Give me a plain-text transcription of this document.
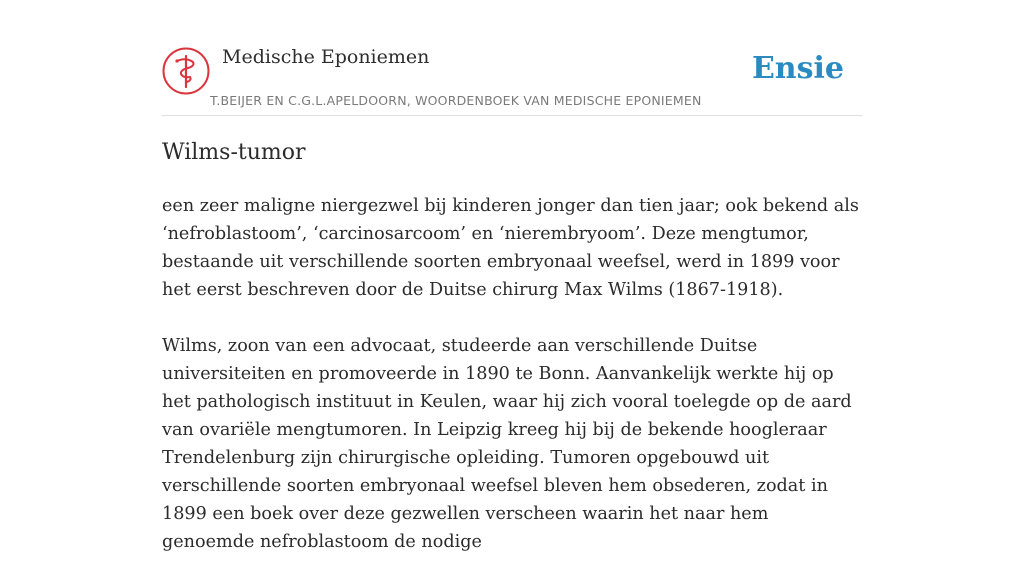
Medische Eponiemen
T.BEIJER EN C.G.L.APELDOORN, WOORDENBOEK VAN MEDISCHE EPONIEMEN
Ensie
Wilms-tumor

een zeer maligne niergezwel bij kinderen jonger dan tien jaar; ook bekend als ‘nefroblastoom’, ‘carcinosarcoom’ en ‘nierembryoom’. Deze mengtumor, bestaande uit verschillende soorten embryonaal weefsel, werd in 1899 voor het eerst beschreven door de Duitse chirurg Max Wilms (1867-1918).

Wilms, zoon van een advocaat, studeerde aan verschillende Duitse universiteiten en promoveerde in 1890 te Bonn. Aanvankelijk werkte hij op het pathologisch instituut in Keulen, waar hij zich vooral toelegde op de aard van ovariële mengtumoren. In Leipzig kreeg hij bij de bekende hoogleraar Trendelenburg zijn chirurgische opleiding. Tumoren opgebouwd uit verschillende soorten embryonaal weefsel bleven hem obsederen, zodat in 1899 een boek over deze gezwellen verscheen waarin het naar hem genoemde nefroblastoom de nodige
